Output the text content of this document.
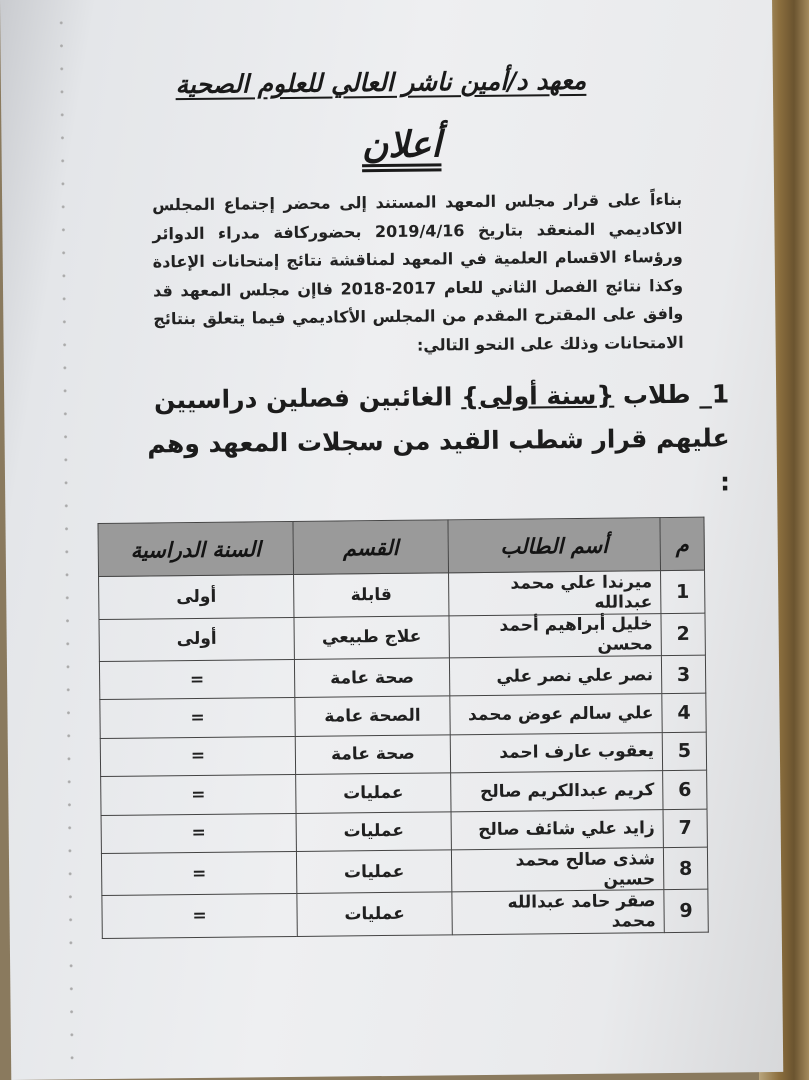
معهد د/أمين ناشر العالي للعلوم الصحية
أعلان
بناءاً على قرار مجلس المعهد المستند إلى محضر إجتماع المجلس الاكاديمي المنعقد بتاريخ 2019/4/16 بحضوركافة مدراء الدوائر ورؤساء الاقسام العلمية في المعهد لمناقشة نتائج إمتحانات الإعادة وكذا نتائج الفصل الثاني للعام 2017-2018 فاإن مجلس المعهد قد وافق على المقترح المقدم من المجلس الأكاديمي فيما يتعلق بنتائج الامتحانات وذلك على النحو التالي:
1_ طلاب {سنة أولى} الغائبين فصلين دراسيين عليهم قرار شطب القيد من سجلات المعهد وهم :
م	أسم الطالب	القسم	السنة الدراسية
1	ميرندا علي محمد عبدالله	قابلة	أولى
2	خليل أبراهيم أحمد محسن	علاج طبيعي	أولى
3	نصر علي نصر علي	صحة عامة	=
4	علي سالم عوض محمد	الصحة عامة	=
5	يعقوب عارف احمد	صحة عامة	=
6	كريم عبدالكريم صالح	عمليات	=
7	زايد علي شائف صالح	عمليات	=
8	شذى صالح محمد حسين	عمليات	=
9	صقر حامد عبدالله محمد	عمليات	=
